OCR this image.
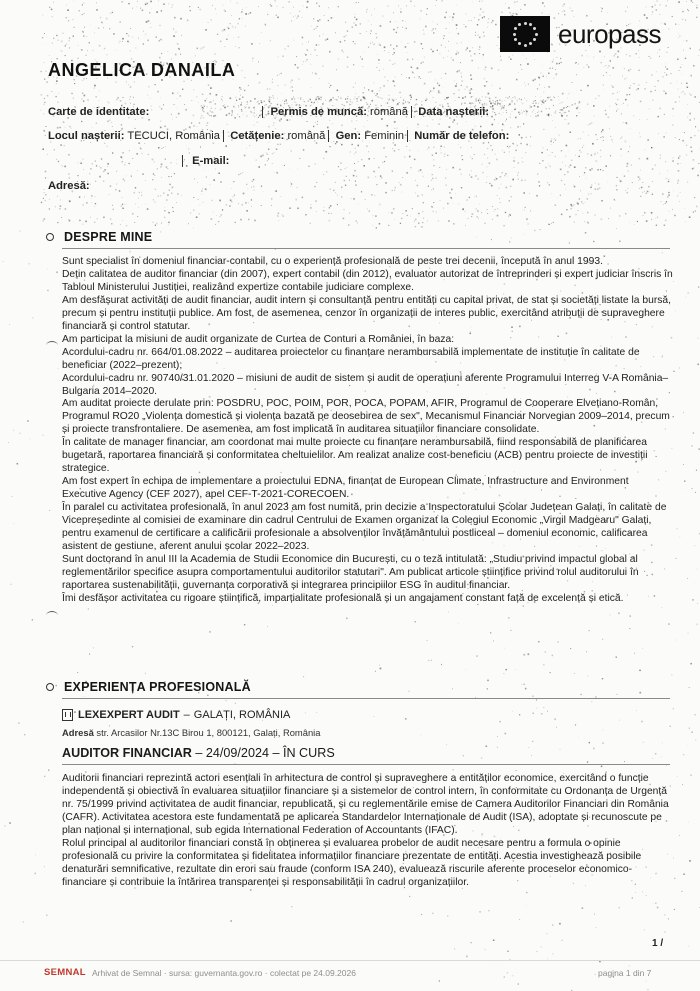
europass
ANGELICA DANAILA
Carte de identitate:	Permis de muncă: română Data nașterii:
Locul nașterii: TECUCI, România Cetățenie: română Gen: Feminin Număr de telefon:
E-mail:
Adresă:
DESPRE MINE

Sunt specialist în domeniul financiar-contabil, cu o experiență profesională de peste trei decenii, începută în anul 1993.

Dețin calitatea de auditor financiar (din 2007), expert contabil (din 2012), evaluator autorizat de întreprinderi și expert judiciar înscris în Tabloul Ministerului Justiției, realizând expertize contabile judiciare complexe.

Am desfășurat activități de audit financiar, audit intern și consultanță pentru entități cu capital privat, de stat și societăți listate la bursă, precum și pentru instituții publice. Am fost, de asemenea, cenzor în organizații de interes public, exercitând atribuții de supraveghere financiară și control statutar.

Am participat la misiuni de audit organizate de Curtea de Conturi a României, în baza:

Acordului-cadru nr. 664/01.08.2022 – auditarea proiectelor cu finanțare nerambursabilă implementate de instituție în calitate de beneficiar (2022–prezent);

Acordului-cadru nr. 90740/31.01.2020 – misiuni de audit de sistem și audit de operațiuni aferente Programului Interreg V-A România–Bulgaria 2014–2020.

Am auditat proiecte derulate prin: POSDRU, POC, POIM, POR, POCA, POPAM, AFIR, Programul de Cooperare Elvețiano-Român, Programul RO20 „Violența domestică și violența bazată pe deosebirea de sex", Mecanismul Financiar Norvegian 2009–2014, precum și proiecte transfrontaliere. De asemenea, am fost implicată în auditarea situațiilor financiare consolidate.

În calitate de manager financiar, am coordonat mai multe proiecte cu finanțare nerambursabilă, fiind responsabilă de planificarea bugetară, raportarea financiară și conformitatea cheltuielilor. Am realizat analize cost-beneficiu (ACB) pentru proiecte de investiții strategice.

Am fost expert în echipa de implementare a proiectului EDNA, finanțat de European Climate, Infrastructure and Environment Executive Agency (CEF 2027), apel CEF-T-2021-CORECOEN.

În paralel cu activitatea profesională, în anul 2023 am fost numită, prin decizie a Inspectoratului Școlar Județean Galați, în calitate de Vicepreședinte al comisiei de examinare din cadrul Centrului de Examen organizat la Colegiul Economic „Virgil Madgearu" Galați, pentru examenul de certificare a calificării profesionale a absolvenților învățământului postliceal – domeniul economic, calificarea asistent de gestiune, aferent anului școlar 2022–2023.

Sunt doctorand în anul III la Academia de Studii Economice din București, cu o teză intitulată: „Studiu privind impactul global al reglementărilor specifice asupra comportamentului auditorilor statutari". Am publicat articole științifice privind rolul auditorului în raportarea sustenabilității, guvernanța corporativă și integrarea principiilor ESG în auditul financiar.

Îmi desfășor activitatea cu rigoare științifică, imparțialitate profesională și un angajament constant față de excelență și etică.

EXPERIENȚA PROFESIONALĂ
LEXEXPERT AUDIT – GALAȚI, ROMÂNIA
Adresă str. Arcasilor Nr.13C Birou 1, 800121, Galați, România
AUDITOR FINANCIAR – 24/09/2024 – ÎN CURS

Auditorii financiari reprezintă actori esențiali în arhitectura de control și supraveghere a entităților economice, exercitând o funcție independentă și obiectivă în evaluarea situațiilor financiare și a sistemelor de control intern, în conformitate cu Ordonanța de Urgență nr. 75/1999 privind activitatea de audit financiar, republicată, și cu reglementările emise de Camera Auditorilor Financiari din România (CAFR). Activitatea acestora este fundamentată pe aplicarea Standardelor Internaționale de Audit (ISA), adoptate și recunoscute pe plan național și internațional, sub egida International Federation of Accountants (IFAC).

Rolul principal al auditorilor financiari constă în obținerea și evaluarea probelor de audit necesare pentru a formula o opinie profesională cu privire la conformitatea și fidelitatea informațiilor financiare prezentate de entități. Acestia investighează posibile denaturări semnificative, rezultate din erori sau fraude (conform ISA 240), evaluează riscurile aferente proceselor economico-financiare și contribuie la întărirea transparenței și responsabilității în cadrul organizațiilor.

1 /
SEMNAL Arhivat de Semnal · sursa: guvernanta.gov.ro · colectat pe 24.09.2026	pagina 1 din 7
